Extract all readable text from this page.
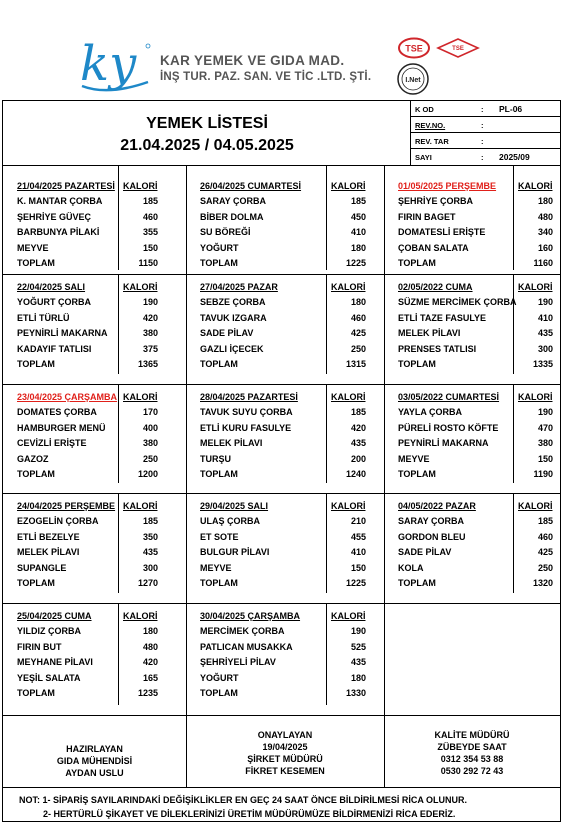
ky KAR YEMEK VE GIDA MAD.
İNŞ TUR. PAZ. SAN. VE TİC .LTD. ŞTİ.
TSE	TSE
I.Net
YEMEK LİSTESİ
21.04.2025 / 04.05.2025
K OD	: PL-06
REV.NO.	:
REV. TAR	:
SAYI	: 2025/09
21/04/2025 PAZARTESİ KALORİ
K. MANTAR ÇORBA	185
ŞEHRİYE GÜVEÇ	460
BARBUNYA PİLAKİ	355
MEYVE	150
TOPLAM	1150
26/04/2025 CUMARTESİ	KALORİ
SARAY ÇORBA	185
BİBER DOLMA	450
SU BÖREĞİ	410
YOĞURT	180
TOPLAM	1225
01/05/2025 PERŞEMBE KALORİ
ŞEHRİYE ÇORBA	180
FIRIN BAGET	480
DOMATESLİ ERİŞTE	340
ÇOBAN SALATA	160
TOPLAM	1160
22/04/2025 SALI	KALORİ
YOĞURT ÇORBA	190
ETLİ TÜRLÜ	420
PEYNİRLİ MAKARNA	380
KADAYIF TATLISI	375
TOPLAM	1365
27/04/2025 PAZAR	KALORİ
SEBZE ÇORBA	180
TAVUK IZGARA	460
SADE PİLAV	425
GAZLI İÇECEK	250
TOPLAM	1315
02/05/2022 CUMA	KALORİ
SÜZME MERCİMEK ÇORBA	190
ETLİ TAZE FASULYE	410
MELEK PİLAVI	435
PRENSES TATLISI	300
TOPLAM	1335
23/04/2025 ÇARŞAMBA KALORİ
DOMATES ÇORBA	170
HAMBURGER MENÜ	400
CEVİZLİ ERİŞTE	380
GAZOZ	250
TOPLAM	1200
28/04/2025 PAZARTESİ	KALORİ
TAVUK SUYU ÇORBA	185
ETLİ KURU FASULYE	420
MELEK PİLAVI	435
TURŞU	200
TOPLAM	1240
03/05/2022 CUMARTESİ KALORİ
YAYLA ÇORBA	190
PÜRELİ ROSTO KÖFTE	470
PEYNİRLİ MAKARNA	380
MEYVE	150
TOPLAM	1190
24/04/2025 PERŞEMBE KALORİ
EZOGELİN ÇORBA	185
ETLİ BEZELYE	350
MELEK PİLAVI	435
SUPANGLE	300
TOPLAM	1270
29/04/2025 SALI	KALORİ
ULAŞ ÇORBA	210
ET SOTE	455
BULGUR PİLAVI	410
MEYVE	150
TOPLAM	1225
04/05/2022 PAZAR	KALORİ
SARAY ÇORBA	185
GORDON BLEU	460
SADE PİLAV	425
KOLA	250
TOPLAM	1320
25/04/2025 CUMA	KALORİ
YILDIZ ÇORBA	180
FIRIN BUT	480
MEYHANE PİLAVI	420
YEŞİL SALATA	165
TOPLAM	1235
30/04/2025 ÇARŞAMBA	KALORİ
MERCİMEK ÇORBA	190
PATLICAN MUSAKKA	525
ŞEHRİYELİ PİLAV	435
YOĞURT	180
TOPLAM	1330
HAZIRLAYAN
GIDA MÜHENDİSİ
AYDAN USLU
ONAYLAYAN
19/04/2025
ŞİRKET MÜDÜRÜ
FİKRET KESEMEN
KALİTE MÜDÜRÜ
ZÜBEYDE SAAT
0312 354 53 88
0530 292 72 43
NOT: 1- SİPARİŞ SAYILARINDAKİ DEĞİŞİKLİKLER EN GEÇ 24 SAAT ÖNCE BİLDİRİLMESİ RİCA OLUNUR.
2- HERTÜRLÜ ŞİKAYET VE DİLEKLERİNİZİ ÜRETİM MÜDÜRÜMÜZE BİLDİRMENİZİ RİCA EDERİZ.
